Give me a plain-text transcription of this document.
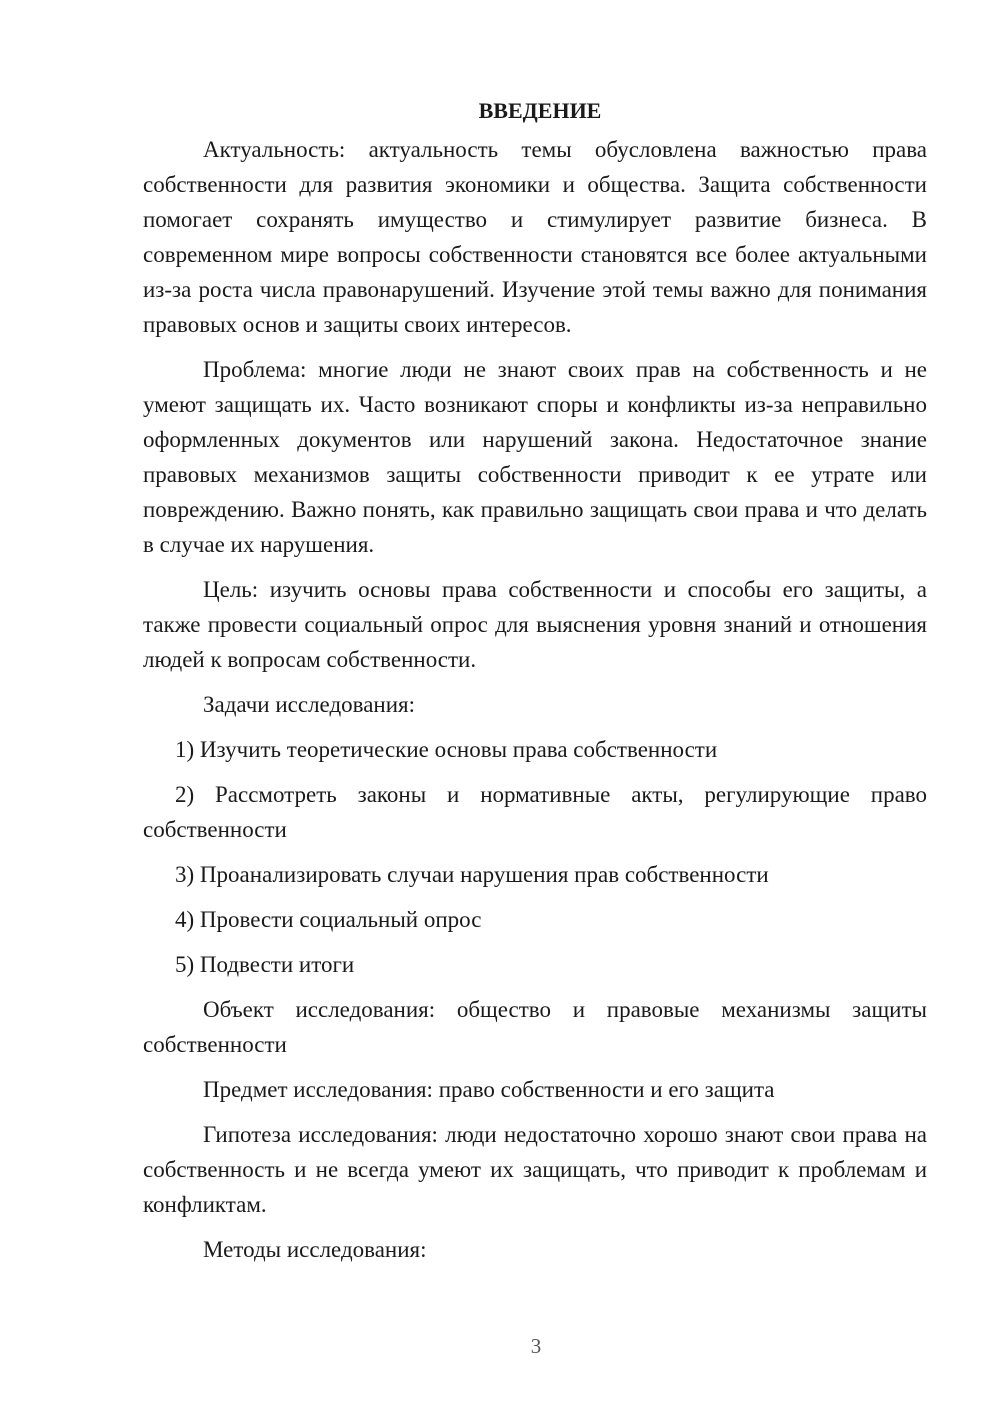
ВВЕДЕНИЕ

Актуальность: актуальность темы обусловлена важностью права собственности для развития экономики и общества. Защита собственности помогает сохранять имущество и стимулирует развитие бизнеса. В современном мире вопросы собственности становятся все более актуальными из-за роста числа правонарушений. Изучение этой темы важно для понимания правовых основ и защиты своих интересов.

Проблема: многие люди не знают своих прав на собственность и не умеют защищать их. Часто возникают споры и конфликты из-за неправильно оформленных документов или нарушений закона. Недостаточное знание правовых механизмов защиты собственности приводит к ее утрате или повреждению. Важно понять, как правильно защищать свои права и что делать в случае их нарушения.

Цель: изучить основы права собственности и способы его защиты, а также провести социальный опрос для выяснения уровня знаний и отношения людей к вопросам собственности.

Задачи исследования:

1) Изучить теоретические основы права собственности

2) Рассмотреть законы и нормативные акты, регулирующие право собственности

3) Проанализировать случаи нарушения прав собственности

4) Провести социальный опрос

5) Подвести итоги

Объект исследования: общество и правовые механизмы защиты собственности

Предмет исследования: право собственности и его защита

Гипотеза исследования: люди недостаточно хорошо знают свои права на собственность и не всегда умеют их защищать, что приводит к проблемам и конфликтам.

Методы исследования:

3
